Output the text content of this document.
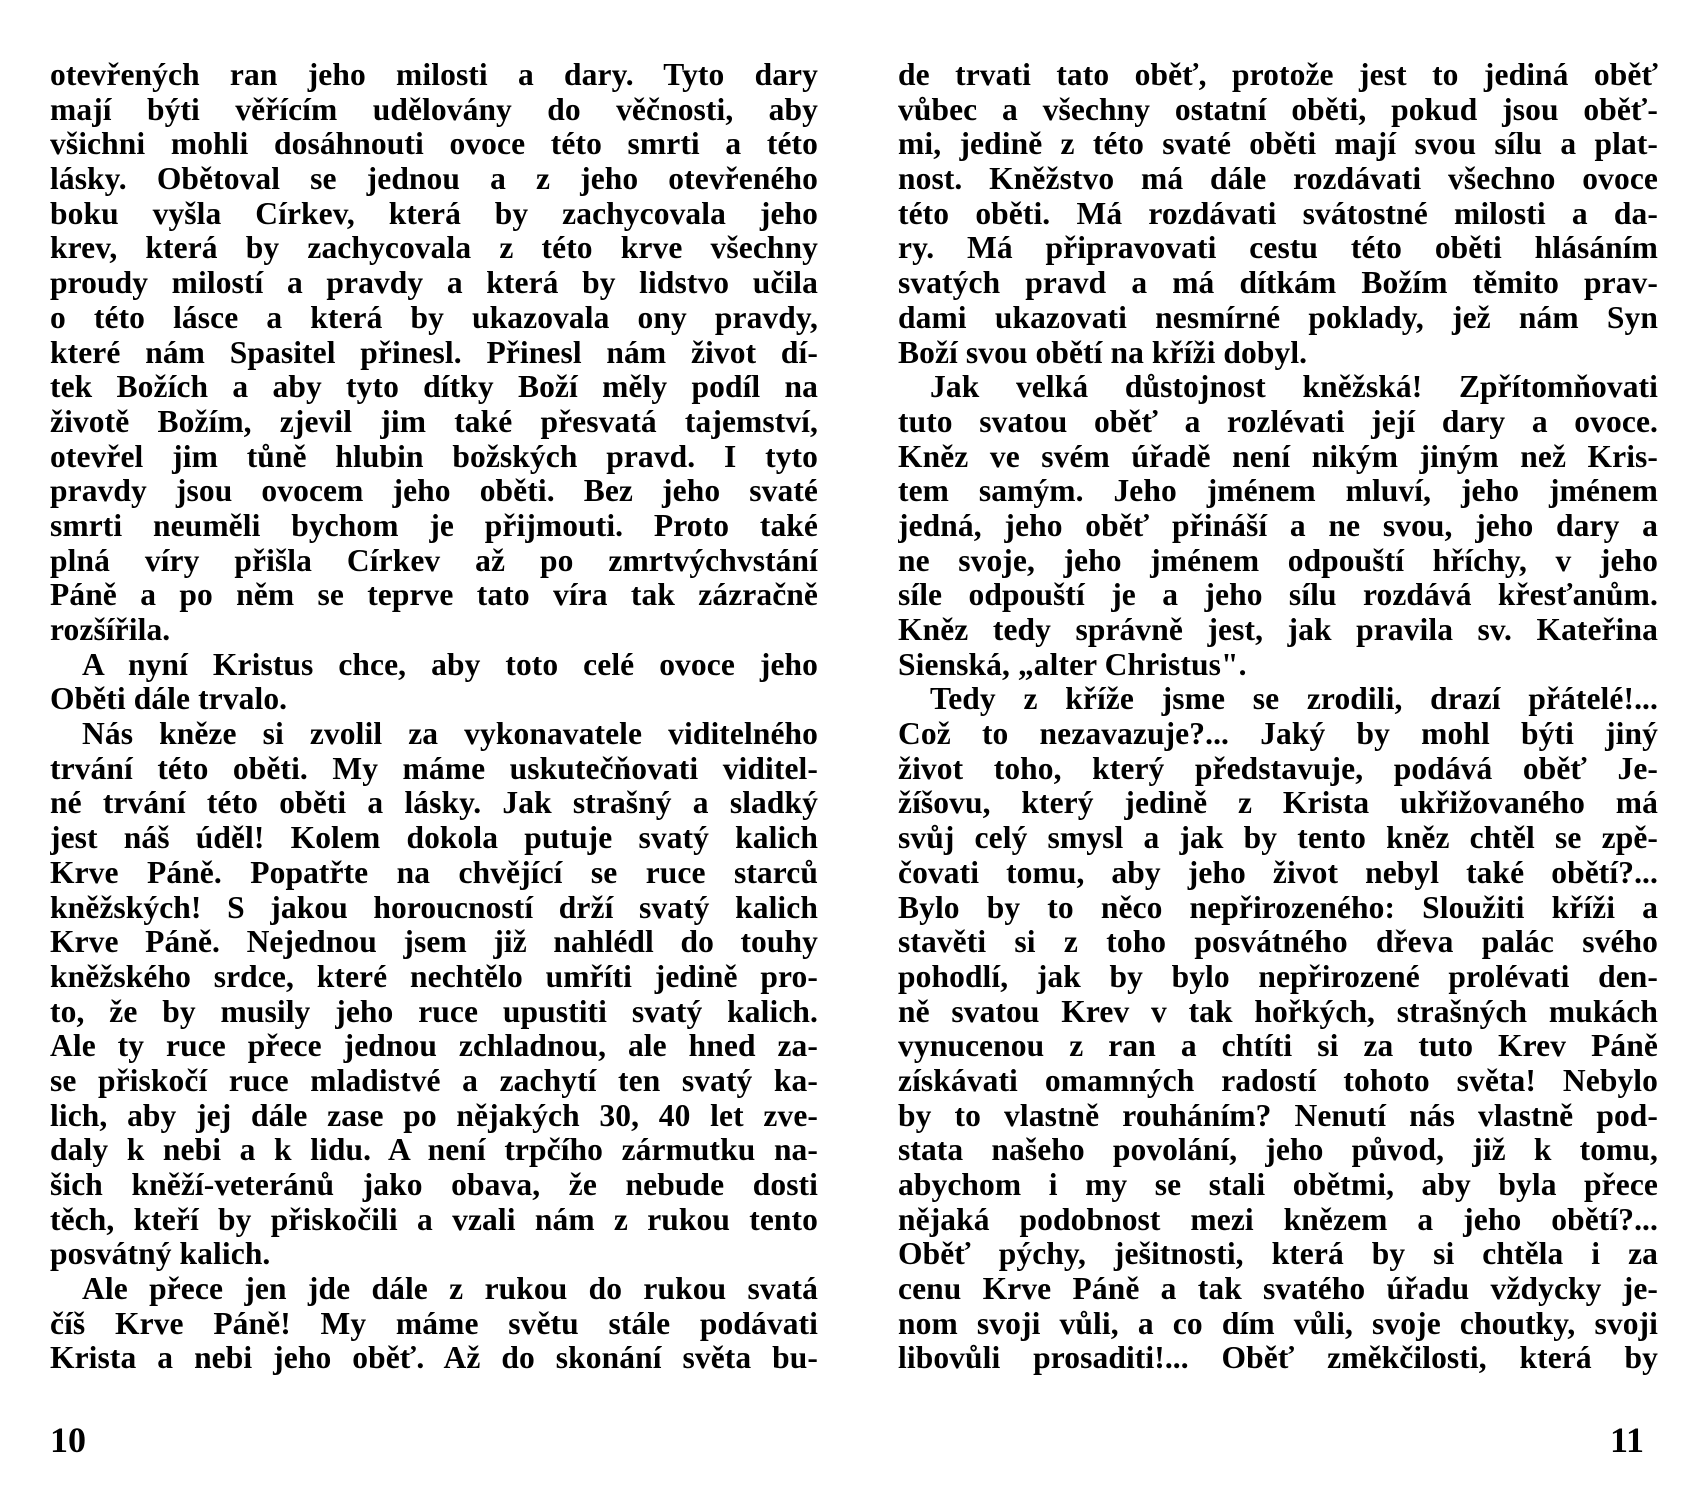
otevřených ran jeho milosti a dary. Tyto dary
mají býti věřícím udělovány do věčnosti, aby
všichni mohli dosáhnouti ovoce této smrti a této
lásky. Obětoval se jednou a z jeho otevřeného
boku vyšla Církev, která by zachycovala jeho
krev, která by zachycovala z této krve všechny
proudy milostí a pravdy a která by lidstvo učila
o této lásce a která by ukazovala ony pravdy,
které nám Spasitel přinesl. Přinesl nám život dí-
tek Božích a aby tyto dítky Boží měly podíl na
životě Božím, zjevil jim také přesvatá tajemství,
otevřel jim tůně hlubin božských pravd. I tyto
pravdy jsou ovocem jeho oběti. Bez jeho svaté
smrti neuměli bychom je přijmouti. Proto také
plná víry přišla Církev až po zmrtvýchvstání
Páně a po něm se teprve tato víra tak zázračně
rozšířila.
A nyní Kristus chce, aby toto celé ovoce jeho
Oběti dále trvalo.
Nás kněze si zvolil za vykonavatele viditelného
trvání této oběti. My máme uskutečňovati viditel-
né trvání této oběti a lásky. Jak strašný a sladký
jest náš úděl! Kolem dokola putuje svatý kalich
Krve Páně. Popatřte na chvějící se ruce starců
kněžských! S jakou horoucností drží svatý kalich
Krve Páně. Nejednou jsem již nahlédl do touhy
kněžského srdce, které nechtělo umříti jedině pro-
to, že by musily jeho ruce upustiti svatý kalich.
Ale ty ruce přece jednou zchladnou, ale hned za-
se přiskočí ruce mladistvé a zachytí ten svatý ka-
lich, aby jej dále zase po nějakých 30, 40 let zve-
daly k nebi a k lidu. A není trpčího zármutku na-
šich kněží-veteránů jako obava, že nebude dosti
těch, kteří by přiskočili a vzali nám z rukou tento
posvátný kalich.
Ale přece jen jde dále z rukou do rukou svatá
číš Krve Páně! My máme světu stále podávati
Krista a nebi jeho oběť. Až do skonání světa bu-
de trvati tato oběť, protože jest to jediná oběť
vůbec a všechny ostatní oběti, pokud jsou oběť-
mi, jedině z této svaté oběti mají svou sílu a plat-
nost. Kněžstvo má dále rozdávati všechno ovoce
této oběti. Má rozdávati svátostné milosti a da-
ry. Má připravovati cestu této oběti hlásáním
svatých pravd a má dítkám Božím těmito prav-
dami ukazovati nesmírné poklady, jež nám Syn
Boží svou obětí na kříži dobyl.
Jak velká důstojnost kněžská! Zpřítomňovati
tuto svatou oběť a rozlévati její dary a ovoce.
Kněz ve svém úřadě není nikým jiným než Kris-
tem samým. Jeho jménem mluví, jeho jménem
jedná, jeho oběť přináší a ne svou, jeho dary a
ne svoje, jeho jménem odpouští hříchy, v jeho
síle odpouští je a jeho sílu rozdává křesťanům.
Kněz tedy správně jest, jak pravila sv. Kateřina
Sienská, „alter Christus".
Tedy z kříže jsme se zrodili, drazí přátelé!...
Což to nezavazuje?... Jaký by mohl býti jiný
život toho, který představuje, podává oběť Je-
žíšovu, který jedině z Krista ukřižovaného má
svůj celý smysl a jak by tento kněz chtěl se zpě-
čovati tomu, aby jeho život nebyl také obětí?...
Bylo by to něco nepřirozeného: Sloužiti kříži a
stavěti si z toho posvátného dřeva palác svého
pohodlí, jak by bylo nepřirozené prolévati den-
ně svatou Krev v tak hořkých, strašných mukách
vynucenou z ran a chtíti si za tuto Krev Páně
získávati omamných radostí tohoto světa! Nebylo
by to vlastně rouháním? Nenutí nás vlastně pod-
stata našeho povolání, jeho původ, již k tomu,
abychom i my se stali obětmi, aby byla přece
nějaká podobnost mezi knězem a jeho obětí?...
Oběť pýchy, ješitnosti, která by si chtěla i za
cenu Krve Páně a tak svatého úřadu vždycky je-
nom svoji vůli, a co dím vůli, svoje choutky, svoji
libovůli prosaditi!... Oběť změkčilosti, která by
10	11
